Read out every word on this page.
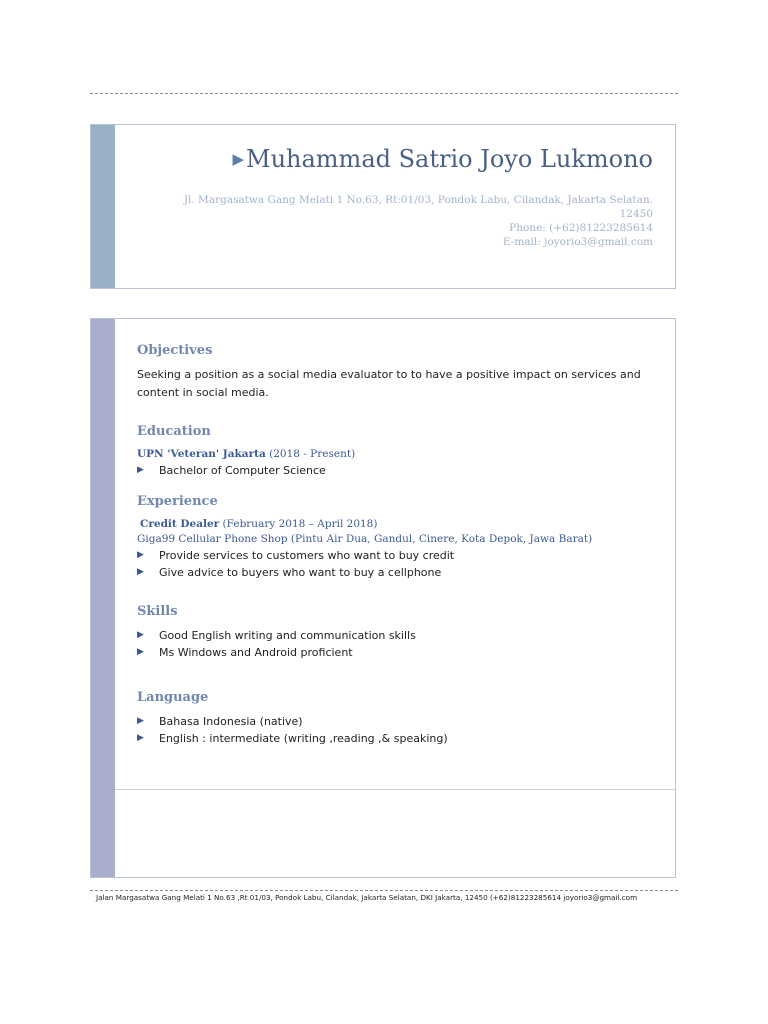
▶Muhammad Satrio Joyo Lukmono
Jl. Margasatwa Gang Melati 1 No.63, Rt:01/03, Pondok Labu, Cilandak, Jakarta Selatan.
12450
Phone: (+62)81223285614
E-mail: joyorio3@gmail.com
Objectives
Seeking a position as a social media evaluator to to have a positive impact on services and content in social media.
Education
UPN 'Veteran' Jakarta (2018 - Present)
▶ Bachelor of Computer Science
Experience
Credit Dealer (February 2018 – April 2018)
Giga99 Cellular Phone Shop (Pintu Air Dua, Gandul, Cinere, Kota Depok, Jawa Barat)
▶ Provide services to customers who want to buy credit
▶ Give advice to buyers who want to buy a cellphone
Skills
▶ Good English writing and communication skills
▶ Ms Windows and Android proficient
Language
▶ Bahasa Indonesia (native)
▶ English : intermediate (writing ,reading ,& speaking)
Jalan Margasatwa Gang Melati 1 No.63 ,Rt 01/03, Pondok Labu, Cilandak, Jakarta Selatan, DKI Jakarta, 12450 (+62)81223285614 joyorio3@gmail.com
